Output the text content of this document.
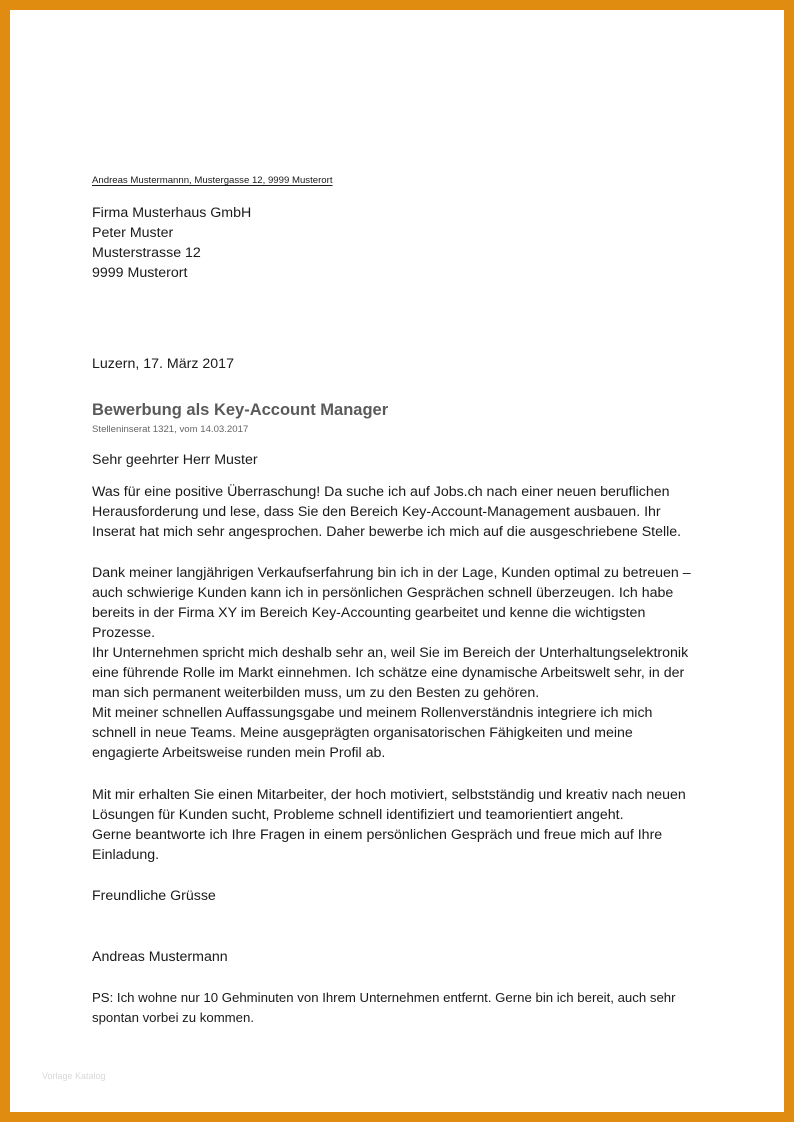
Andreas Mustermannn, Mustergasse 12, 9999 Musterort
Firma Musterhaus GmbH
Peter Muster
Musterstrasse 12
9999 Musterort
Luzern, 17. März 2017
Bewerbung als Key-Account Manager
Stelleninserat 1321, vom 14.03.2017
Sehr geehrter Herr Muster
Was für eine positive Überraschung! Da suche ich auf Jobs.ch nach einer neuen beruflichen
Herausforderung und lese, dass Sie den Bereich Key-Account-Management ausbauen. Ihr
Inserat hat mich sehr angesprochen. Daher bewerbe ich mich auf die ausgeschriebene Stelle.
Dank meiner langjährigen Verkaufserfahrung bin ich in der Lage, Kunden optimal zu betreuen –
auch schwierige Kunden kann ich in persönlichen Gesprächen schnell überzeugen. Ich habe
bereits in der Firma XY im Bereich Key-Accounting gearbeitet und kenne die wichtigsten
Prozesse.
Ihr Unternehmen spricht mich deshalb sehr an, weil Sie im Bereich der Unterhaltungselektronik
eine führende Rolle im Markt einnehmen. Ich schätze eine dynamische Arbeitswelt sehr, in der
man sich permanent weiterbilden muss, um zu den Besten zu gehören.
Mit meiner schnellen Auffassungsgabe und meinem Rollenverständnis integriere ich mich
schnell in neue Teams. Meine ausgeprägten organisatorischen Fähigkeiten und meine
engagierte Arbeitsweise runden mein Profil ab.
Mit mir erhalten Sie einen Mitarbeiter, der hoch motiviert, selbstständig und kreativ nach neuen
Lösungen für Kunden sucht, Probleme schnell identifiziert und teamorientiert angeht.
Gerne beantworte ich Ihre Fragen in einem persönlichen Gespräch und freue mich auf Ihre
Einladung.
Freundliche Grüsse
Andreas Mustermann
PS: Ich wohne nur 10 Gehminuten von Ihrem Unternehmen entfernt. Gerne bin ich bereit, auch sehr
spontan vorbei zu kommen.
Vorlage Katalog
